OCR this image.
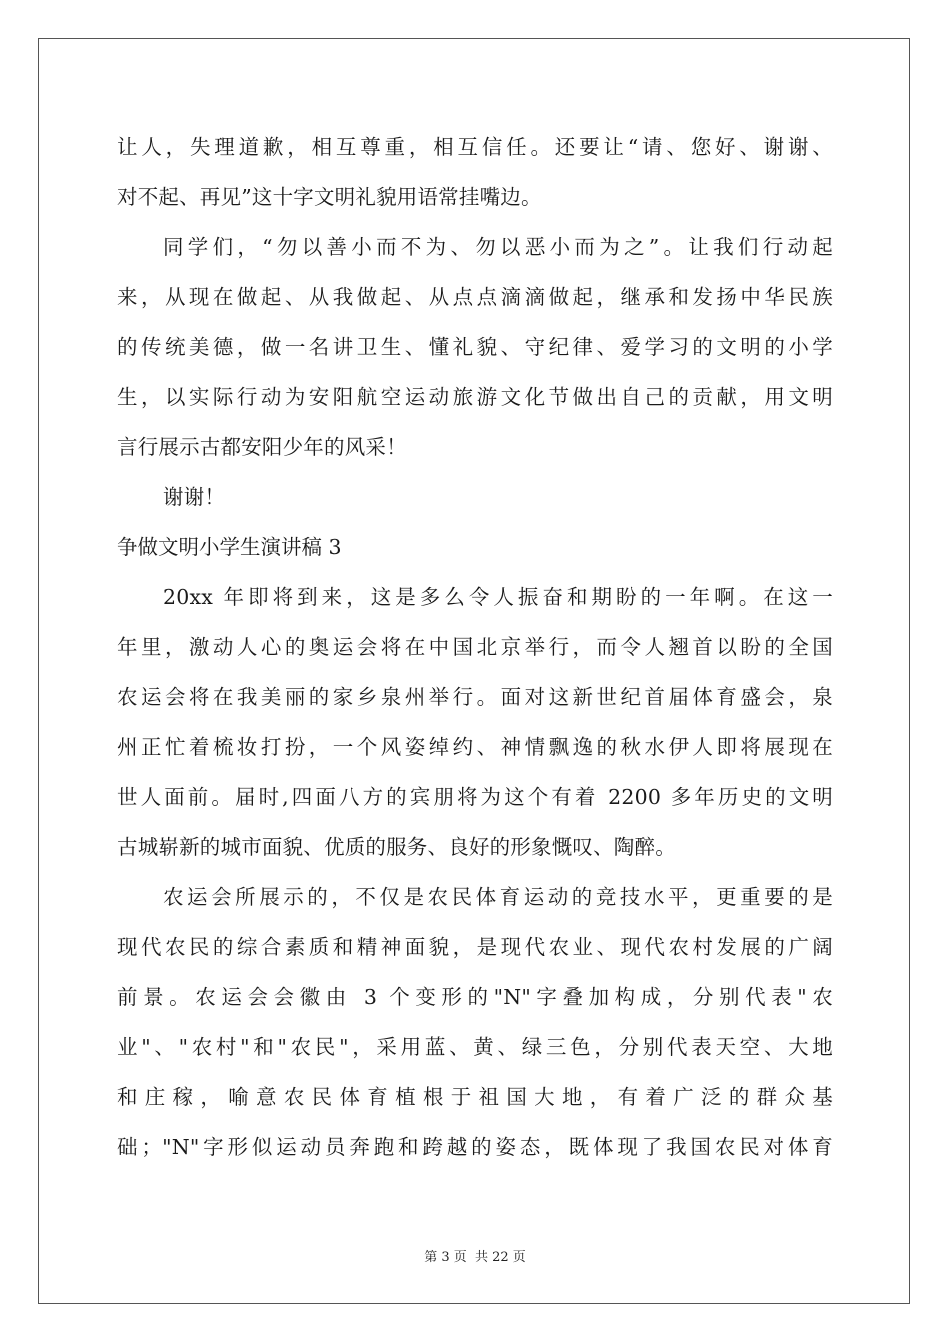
让人，失理道歉，相互尊重，相互信任。还要让“请、您好、谢谢、
对不起、再见”这十字文明礼貌用语常挂嘴边。
同学们，“勿以善小而不为、勿以恶小而为之”。让我们行动起
来，从现在做起、从我做起、从点点滴滴做起，继承和发扬中华民族
的传统美德，做一名讲卫生、懂礼貌、守纪律、爱学习的文明的小学
生，以实际行动为安阳航空运动旅游文化节做出自己的贡献，用文明
言行展示古都安阳少年的风采！
谢谢！
争做文明小学生演讲稿 3
20xx 年即将到来，这是多么令人振奋和期盼的一年啊。在这一
年里，激动人心的奥运会将在中国北京举行，而令人翘首以盼的全国
农运会将在我美丽的家乡泉州举行。面对这新世纪首届体育盛会，泉
州正忙着梳妆打扮，一个风姿绰约、神情飘逸的秋水伊人即将展现在
世人面前。届时,四面八方的宾朋将为这个有着 2200 多年历史的文明
古城崭新的城市面貌、优质的服务、良好的形象慨叹、陶醉。
农运会所展示的，不仅是农民体育运动的竞技水平，更重要的是
现代农民的综合素质和精神面貌，是现代农业、现代农村发展的广阔
前景。农运会会徽由 3 个变形的"N"字叠加构成，分别代表"农
业"、"农村"和"农民"，采用蓝、黄、绿三色，分别代表天空、大地
和庄稼，喻意农民体育植根于祖国大地，有着广泛的群众基
础；"N"字形似运动员奔跑和跨越的姿态，既体现了我国农民对体育
第 3 页 共 22 页
